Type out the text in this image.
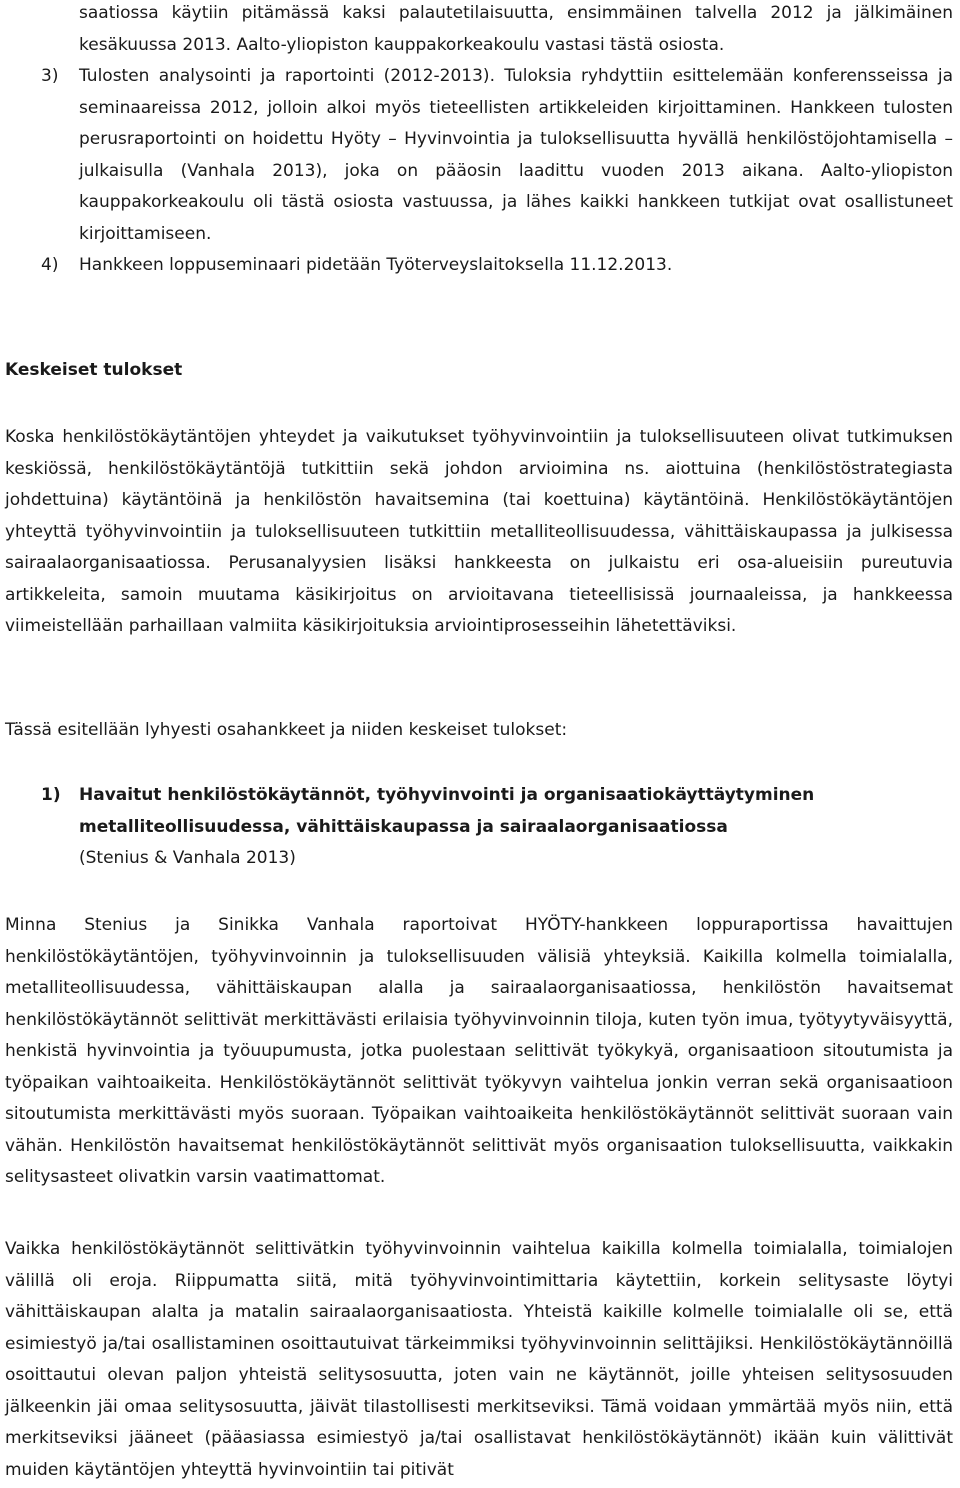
saatiossa käytiin pitämässä kaksi palautetilaisuutta, ensimmäinen talvella 2012 ja jälkimäinen kesäkuussa 2013. Aalto-yliopiston kauppakorkeakoulu vastasi tästä osiosta.

3) Tulosten analysointi ja raportointi (2012-2013). Tuloksia ryhdyttiin esittelemään konferensseissa ja seminaareissa 2012, jolloin alkoi myös tieteellisten artikkeleiden kirjoittaminen. Hankkeen tulosten perusraportointi on hoidettu Hyöty – Hyvinvointia ja tuloksellisuutta hyvällä henkilöstöjohtamisella –julkaisulla (Vanhala 2013), joka on pääosin laadittu vuoden 2013 aikana. Aalto-yliopiston kauppakorkeakoulu oli tästä osiosta vastuussa, ja lähes kaikki hankkeen tutkijat ovat osallistuneet kirjoittamiseen.

4) Hankkeen loppuseminaari pidetään Työterveyslaitoksella 11.12.2013.

Keskeiset tulokset

Koska henkilöstökäytäntöjen yhteydet ja vaikutukset työhyvinvointiin ja tuloksellisuuteen olivat tutkimuksen keskiössä, henkilöstökäytäntöjä tutkittiin sekä johdon arvioimina ns. aiottuina (henkilöstöstrategiasta johdettuina) käytäntöinä ja henkilöstön havaitsemina (tai koettuina) käytäntöinä. Henkilöstökäytäntöjen yhteyttä työhyvinvointiin ja tuloksellisuuteen tutkittiin metalliteollisuudessa, vähittäiskaupassa ja julkisessa sairaalaorganisaatiossa. Perusanalyysien lisäksi hankkeesta on julkaistu eri osa-alueisiin pureutuvia artikkeleita, samoin muutama käsikirjoitus on arvioitavana tieteellisissä journaaleissa, ja hankkeessa viimeistellään parhaillaan valmiita käsikirjoituksia arviointiprosesseihin lähetettäviksi.

Tässä esitellään lyhyesti osahankkeet ja niiden keskeiset tulokset:

1)	Havaitut henkilöstökäytännöt, työhyvinvointi ja organisaatiokäyttäytyminen
metalliteollisuudessa, vähittäiskaupassa ja sairaalaorganisaatiossa
(Stenius & Vanhala 2013)

Minna Stenius ja Sinikka Vanhala raportoivat HYÖTY-hankkeen loppuraportissa havaittujen henkilöstökäytäntöjen, työhyvinvoinnin ja tuloksellisuuden välisiä yhteyksiä. Kaikilla kolmella toimialalla, metalliteollisuudessa, vähittäiskaupan alalla ja sairaalaorganisaatiossa, henkilöstön havaitsemat henkilöstökäytännöt selittivät merkittävästi erilaisia työhyvinvoinnin tiloja, kuten työn imua, työtyytyväisyyttä, henkistä hyvinvointia ja työuupumusta, jotka puolestaan selittivät työkykyä, organisaatioon sitoutumista ja työpaikan vaihtoaikeita. Henkilöstökäytännöt selittivät työkyvyn vaihtelua jonkin verran sekä organisaatioon sitoutumista merkittävästi myös suoraan. Työpaikan vaihtoaikeita henkilöstökäytännöt selittivät suoraan vain vähän. Henkilöstön havaitsemat henkilöstökäytännöt selittivät myös organisaation tuloksellisuutta, vaikkakin selitysasteet olivatkin varsin vaatimattomat.

Vaikka henkilöstökäytännöt selittivätkin työhyvinvoinnin vaihtelua kaikilla kolmella toimialalla, toimialojen välillä oli eroja. Riippumatta siitä, mitä työhyvinvointimittaria käytettiin, korkein selitysaste löytyi vähittäiskaupan alalta ja matalin sairaalaorganisaatiosta. Yhteistä kaikille kolmelle toimialalle oli se, että esimiestyö ja/tai osallistaminen osoittautuivat tärkeimmiksi työhyvinvoinnin selittäjiksi. Henkilöstökäytännöillä osoittautui olevan paljon yhteistä selitysosuutta, joten vain ne käytännöt, joille yhteisen selitysosuuden jälkeenkin jäi omaa selitysosuutta, jäivät tilastollisesti merkitseviksi. Tämä voidaan ymmärtää myös niin, että merkitseviksi jääneet (pääasiassa esimiestyö ja/tai osallistavat henkilöstökäytännöt) ikään kuin välittivät muiden käytäntöjen yhteyttä hyvinvointiin tai pitivät
